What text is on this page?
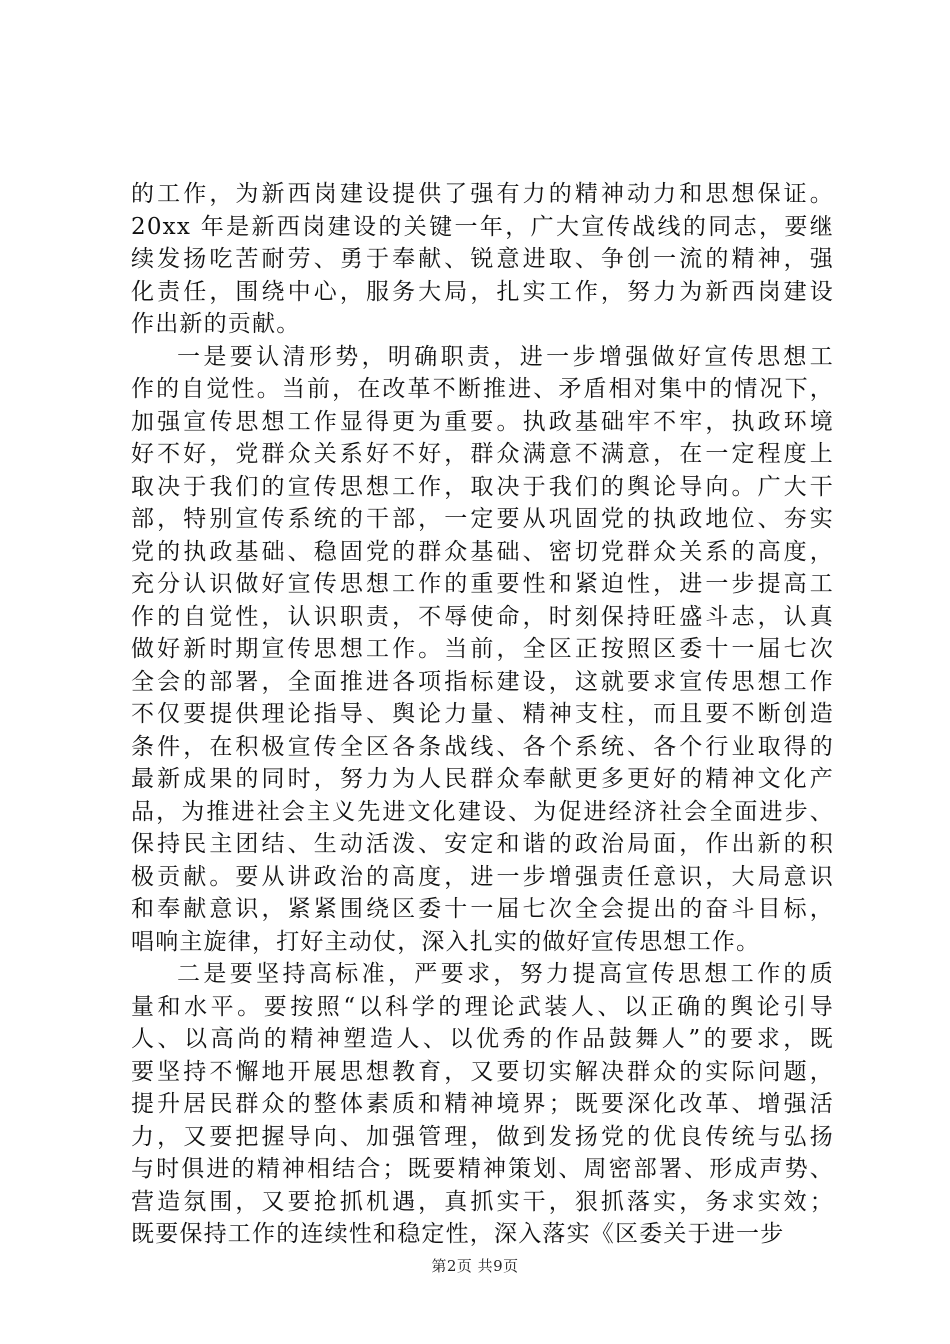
的工作，为新西岗建设提供了强有力的精神动力和思想保证。
20xx 年是新西岗建设的关键一年，广大宣传战线的同志，要继
续发扬吃苦耐劳、勇于奉献、锐意进取、争创一流的精神，强
化责任，围绕中心，服务大局，扎实工作，努力为新西岗建设
作出新的贡献。
一是要认清形势，明确职责，进一步增强做好宣传思想工
作的自觉性。当前，在改革不断推进、矛盾相对集中的情况下，
加强宣传思想工作显得更为重要。执政基础牢不牢，执政环境
好不好，党群众关系好不好，群众满意不满意，在一定程度上
取决于我们的宣传思想工作，取决于我们的舆论导向。广大干
部，特别宣传系统的干部，一定要从巩固党的执政地位、夯实
党的执政基础、稳固党的群众基础、密切党群众关系的高度，
充分认识做好宣传思想工作的重要性和紧迫性，进一步提高工
作的自觉性，认识职责，不辱使命，时刻保持旺盛斗志，认真
做好新时期宣传思想工作。当前，全区正按照区委十一届七次
全会的部署，全面推进各项指标建设，这就要求宣传思想工作
不仅要提供理论指导、舆论力量、精神支柱，而且要不断创造
条件，在积极宣传全区各条战线、各个系统、各个行业取得的
最新成果的同时，努力为人民群众奉献更多更好的精神文化产
品，为推进社会主义先进文化建设、为促进经济社会全面进步、
保持民主团结、生动活泼、安定和谐的政治局面，作出新的积
极贡献。要从讲政治的高度，进一步增强责任意识，大局意识
和奉献意识，紧紧围绕区委十一届七次全会提出的奋斗目标，
唱响主旋律，打好主动仗，深入扎实的做好宣传思想工作。
二是要坚持高标准，严要求，努力提高宣传思想工作的质
量和水平。要按照“以科学的理论武装人、以正确的舆论引导
人、以高尚的精神塑造人、以优秀的作品鼓舞人”的要求，既
要坚持不懈地开展思想教育，又要切实解决群众的实际问题，
提升居民群众的整体素质和精神境界；既要深化改革、增强活
力，又要把握导向、加强管理，做到发扬党的优良传统与弘扬
与时俱进的精神相结合；既要精神策划、周密部署、形成声势、
营造氛围，又要抢抓机遇，真抓实干，狠抓落实，务求实效；
既要保持工作的连续性和稳定性，深入落实《区委关于进一步
第2页 共9页
